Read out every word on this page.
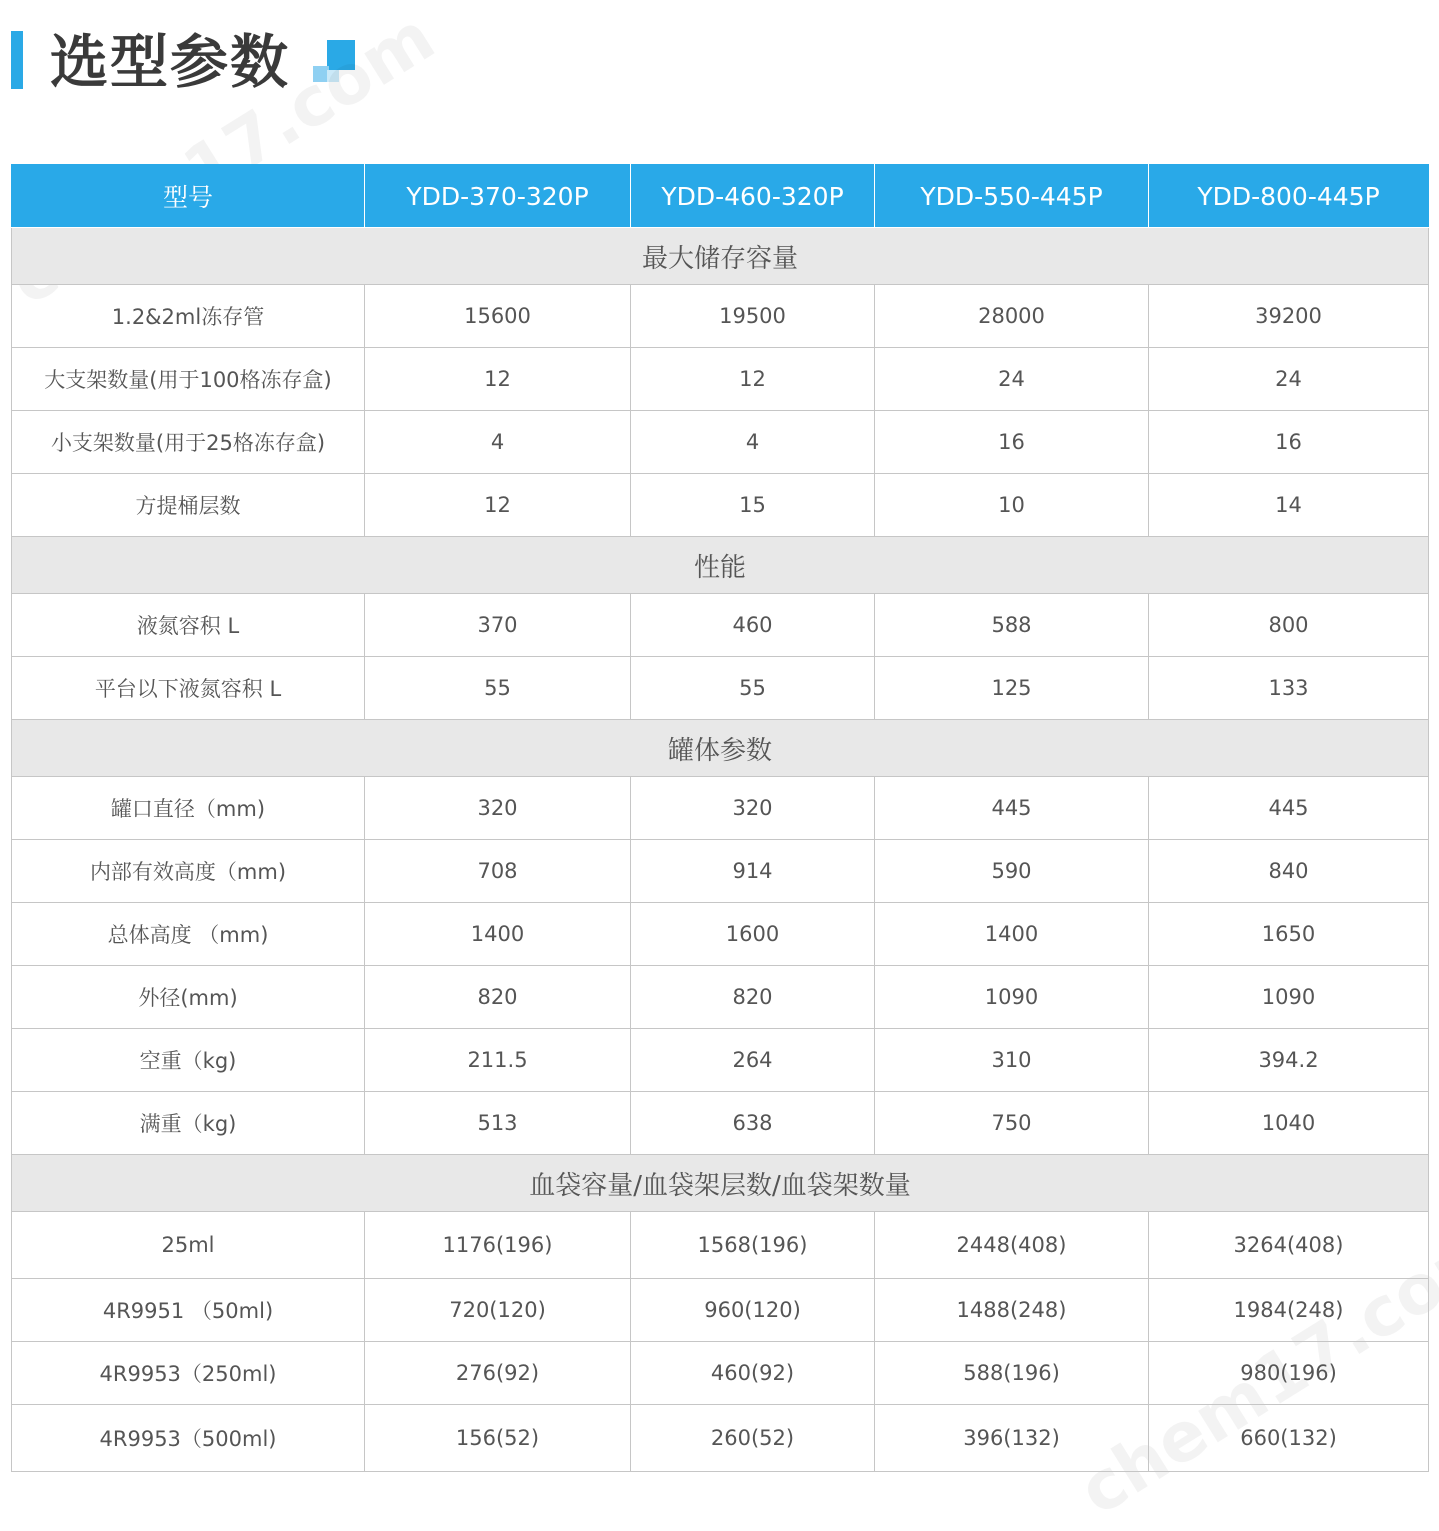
选型参数
型号	YDD-370-320P	YDD-460-320P	YDD-550-445P	YDD-800-445P
最大储存容量				
1.2&2ml冻存管	15600	19500	28000	39200
大支架数量(用于100格冻存盒)	12	12	24	24
小支架数量(用于25格冻存盒)	4	4	16	16
方提桶层数	12	15	10	14
性能				
液氮容积 L	370	460	588	800
平台以下液氮容积 L	55	55	125	133
罐体参数				
罐口直径（mm)	320	320	445	445
内部有效高度（mm)	708	914	590	840
总体高度 （mm)	1400	1600	1400	1650
外径(mm)	820	820	1090	1090
空重（kg)	211.5	264	310	394.2
满重（kg)	513	638	750	1040
血袋容量/血袋架层数/血袋架数量				
25ml	1176(196)	1568(196)	2448(408)	3264(408)
4R9951 （50ml)	720(120)	960(120)	1488(248)	1984(248)
4R9953（250ml)	276(92)	460(92)	588(196)	980(196)
4R9953（500ml)	156(52)	260(52)	396(132)	660(132)
